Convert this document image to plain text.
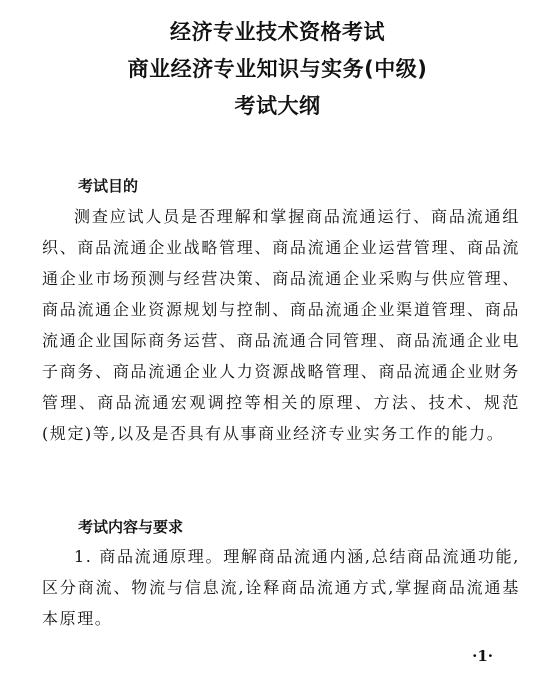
经济专业技术资格考试
商业经济专业知识与实务(中级)
考试大纲
考试目的

测查应试人员是否理解和掌握商品流通运行、商品流通组织、商品流通企业战略管理、商品流通企业运营管理、商品流通企业市场预测与经营决策、商品流通企业采购与供应管理、商品流通企业资源规划与控制、商品流通企业渠道管理、商品流通企业国际商务运营、商品流通合同管理、商品流通企业电子商务、商品流通企业人力资源战略管理、商品流通企业财务管理、商品流通宏观调控等相关的原理、方法、技术、规范(规定)等,以及是否具有从事商业经济专业实务工作的能力。

考试内容与要求

1. 商品流通原理。理解商品流通内涵,总结商品流通功能,区分商流、物流与信息流,诠释商品流通方式,掌握商品流通基本原理。

·1·
